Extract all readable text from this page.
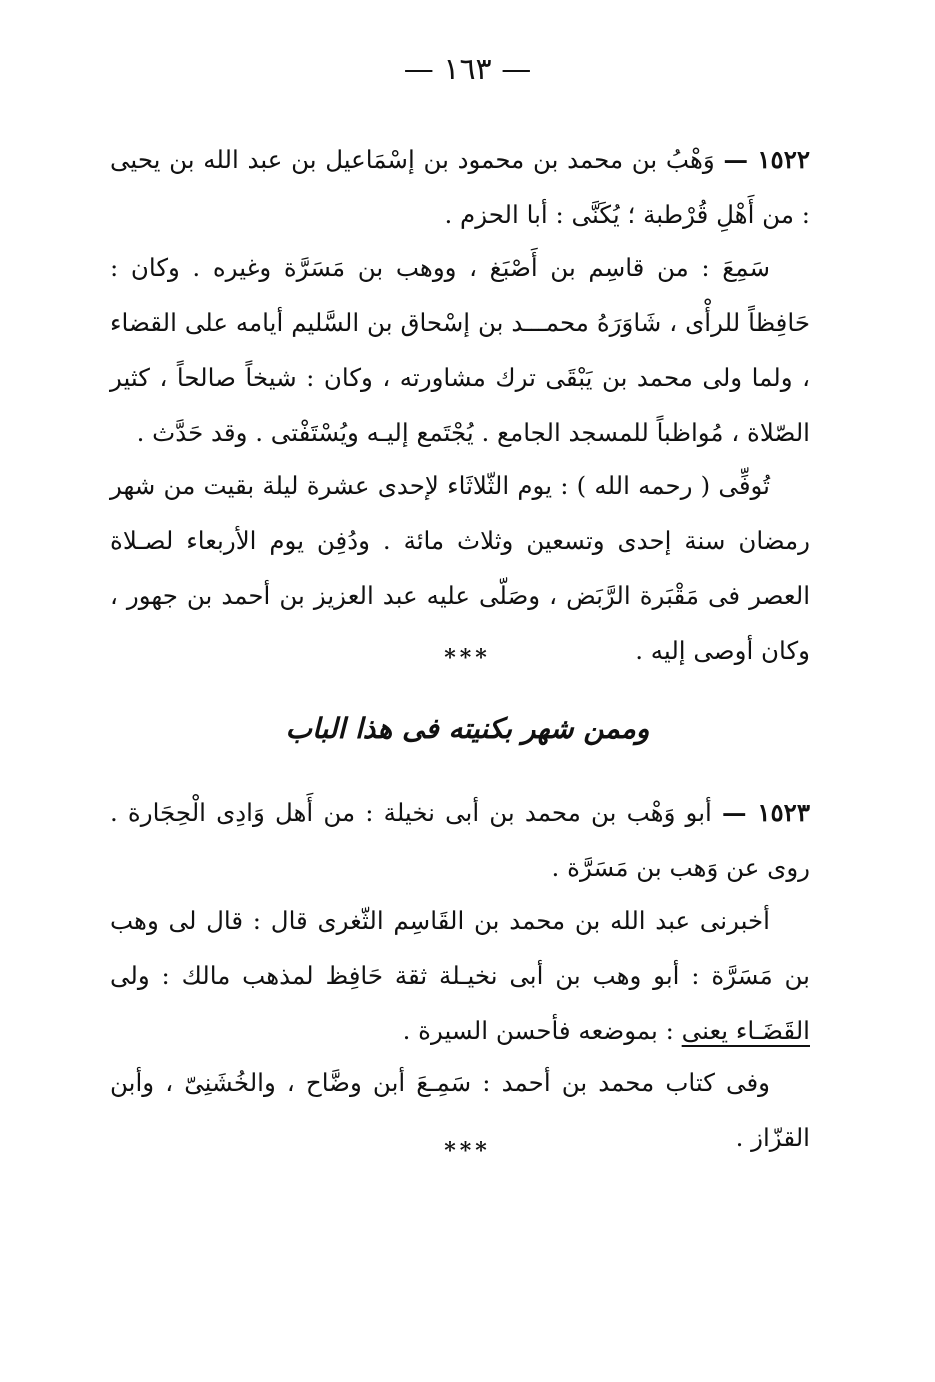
— ١٦٣ —

١٥٢٢ — وَهْبُ بن محمد بن محمود بن إسْمَاعيل بن عبد الله بن يحيى : من أَهْلِ قُرْطبة ؛ يُكَنَّى : أبا الحزم .

سَمِعَ : من قاسِم بن أَصْبَغ ، ووهب بن مَسَرَّة وغيره . وكان : حَافِظاً للرأْى ، شَاوَرَهُ محمـــد بن إسْحاق بن السَّليم أيامه على القضاء ، ولما ولى محمد بن يَبْقَى ترك مشاورته ، وكان : شيخاً صالحاً ، كثير الصّلاة ، مُواظباً للمسجد الجامع . يُجْتَمع إليـه ويُسْتَفْتى . وقد حَدَّث .

تُوفِّى ( رحمه الله ) : يوم الثّلاثَاء لإحدى عشرة ليلة بقيت من شهر رمضان سنة إحدى وتسعين وثلاث مائة . ودُفِن يوم الأربعاء لصـلاة العصر فى مَقْبَرة الرَّبَض ، وصَلّى عليه عبد العزيز بن أحمد بن جهور ، وكان أوصى إليه .

***
وممن شهر بكنيته فى هذا الباب

١٥٢٣ — أبو وَهْب بن محمد بن أبى نخيلة : من أَهل وَادِى الْحِجَارة . روى عن وَهب بن مَسَرَّة .

أخبرنى عبد الله بن محمد بن القَاسِم الثّغرى قال : قال لى وهب بن مَسَرَّة : أبو وهب بن أبى نخيـلة ثقة حَافِظ لمذهب مالك : ولى القَضَـاء يعنى : بموضعه فأحسن السيرة .

وفى كتاب محمد بن أحمد : سَمِـعَ أبن وضَّاح ، والخُشَنِىّ ، وأبن القزّاز .

***
